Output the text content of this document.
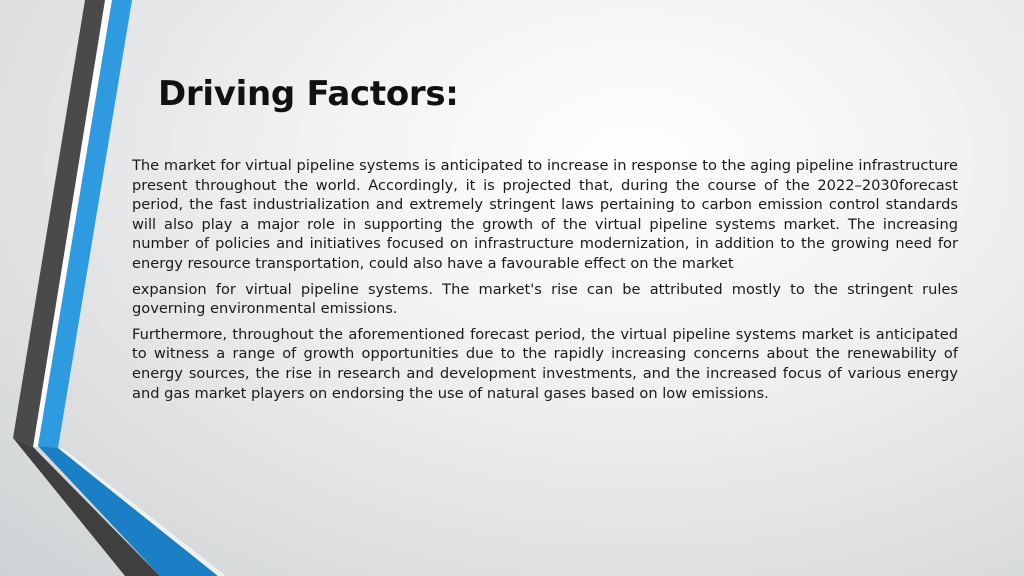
Driving Factors:

The market for virtual pipeline systems is anticipated to increase in response to the aging pipeline infrastructure present throughout the world. Accordingly, it is projected that, during the course of the 2022–2030forecast period, the fast industrialization and extremely stringent laws pertaining to carbon emission control standards will also play a major role in supporting the growth of the virtual pipeline systems market. The increasing number of policies and initiatives focused on infrastructure modernization, in addition to the growing need for energy resource transportation, could also have a favourable effect on the market

expansion for virtual pipeline systems. The market's rise can be attributed mostly to the stringent rules governing environmental emissions.

Furthermore, throughout the aforementioned forecast period, the virtual pipeline systems market is anticipated to witness a range of growth opportunities due to the rapidly increasing concerns about the renewability of energy sources, the rise in research and development investments, and the increased focus of various energy and gas market players on endorsing the use of natural gases based on low emissions.
